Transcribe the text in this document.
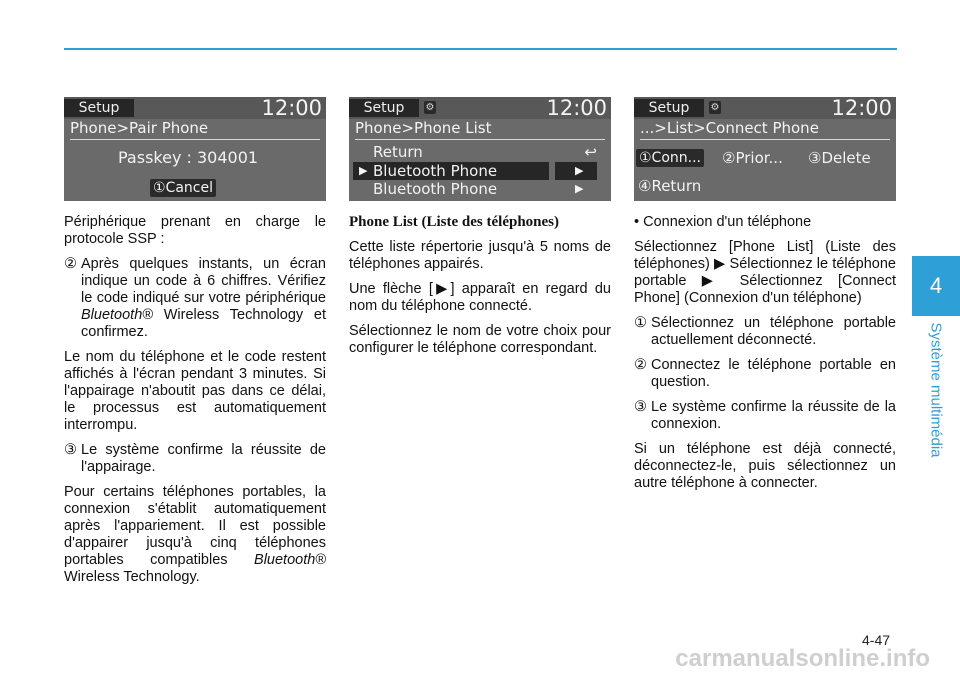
4
Système multimédia
Setup	12:00
Phone>Pair Phone
Passkey : 304001
①Cancel
Setup	⚙	12:00
Phone>Phone List
Return	↩
▶ Bluetooth Phone	▶
Bluetooth Phone	▶
Setup	⚙	12:00
...>List>Connect Phone
①Conn... ②Prior... ③Delete
④Return

Périphérique prenant en charge le protocole SSP :

② Après quelques instants, un écran indique un code à 6 chiffres. Vérifiez le code indiqué sur votre périphérique Bluetooth® Wireless Technology et confirmez.

Le nom du téléphone et le code restent affichés à l'écran pendant 3 minutes. Si l'appairage n'aboutit pas dans ce délai, le processus est automatiquement interrompu.

③ Le système confirme la réussite de l'appairage.

Pour certains téléphones portables, la connexion s'établit automatiquement après l'appariement. Il est possible d'appairer jusqu'à cinq téléphones portables compatibles Bluetooth® Wireless Technology.

Phone List (Liste des téléphones)

Cette liste répertorie jusqu'à 5 noms de téléphones appairés.

Une flèche [▶] apparaît en regard du nom du téléphone connecté.

Sélectionnez le nom de votre choix pour configurer le téléphone correspondant.

• Connexion d'un téléphone

Sélectionnez [Phone List] (Liste des téléphones) ▶ Sélectionnez le téléphone portable ▶ Sélectionnez [Connect Phone] (Connexion d'un téléphone)

① Sélectionnez un téléphone portable actuellement déconnecté.
② Connectez le téléphone portable en question.
③ Le système confirme la réussite de la connexion.

Si un téléphone est déjà connecté, déconnectez-le, puis sélectionnez un autre téléphone à connecter.

4-47
carmanualsonline.info
